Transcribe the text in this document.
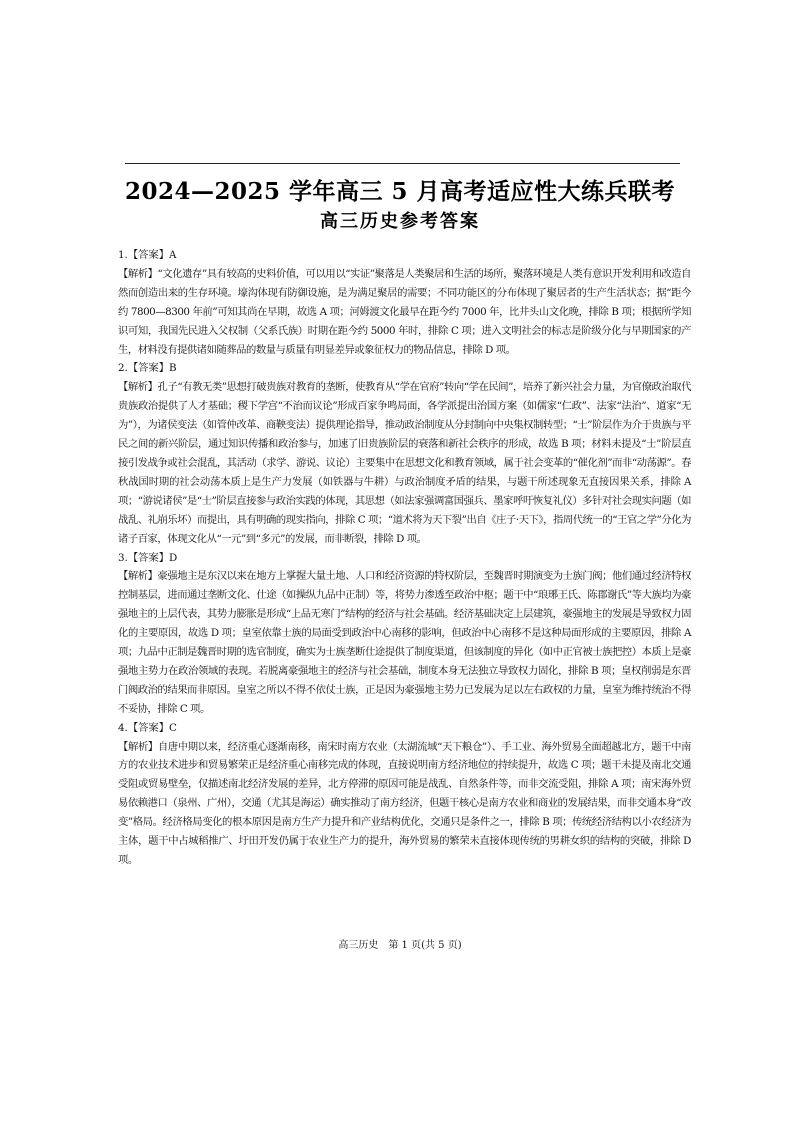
2024—2025 学年高三 5 月高考适应性大练兵联考
高三历史参考答案
1.【答案】A

【解析】“文化遗存”具有较高的史料价值，可以用以“实证”聚落是人类聚居和生活的场所，聚落环境是人类有意识开发利用和改造自然而创造出来的生存环境。壕沟体现有防御设施，是为满足聚居的需要；不同功能区的分布体现了聚居者的生产生活状态；据“距今约 7800—8300 年前”可知其尚在早期，故选 A 项；河姆渡文化最早在距今约 7000 年，比井头山文化晚，排除 B 项；根据所学知识可知，我国先民进入父权制（父系氏族）时期在距今约 5000 年时，排除 C 项；进入文明社会的标志是阶级分化与早期国家的产生，材料没有提供诸如随葬品的数量与质量有明显差异或象征权力的物品信息，排除 D 项。

2.【答案】B

【解析】孔子“有教无类”思想打破贵族对教育的垄断，使教育从“学在官府”转向“学在民间”，培养了新兴社会力量，为官僚政治取代贵族政治提供了人才基础；稷下学宫“不治而议论”形成百家争鸣局面，各学派提出治国方案（如儒家“仁政”、法家“法治”、道家“无为”），为诸侯变法（如管仲改革、商鞅变法）提供理论指导，推动政治制度从分封制向中央集权制转型；“士”阶层作为介于贵族与平民之间的新兴阶层，通过知识传播和政治参与，加速了旧贵族阶层的衰落和新社会秩序的形成，故选 B 项；材料未提及“士”阶层直接引发战争或社会混乱，其活动（求学、游说、议论）主要集中在思想文化和教育领域，属于社会变革的“催化剂”而非“动荡源”。春秋战国时期的社会动荡本质上是生产力发展（如铁器与牛耕）与政治制度矛盾的结果，与题干所述现象无直接因果关系，排除 A 项；“游说诸侯”是“士”阶层直接参与政治实践的体现，其思想（如法家强调富国强兵、墨家呼吁恢复礼仪）多针对社会现实问题（如战乱、礼崩乐坏）而提出，具有明确的现实指向，排除 C 项；“道术将为天下裂”出自《庄子·天下》，指周代统一的“王官之学”分化为诸子百家，体现文化从“一元”到“多元”的发展，而非断裂，排除 D 项。

3.【答案】D

【解析】豪强地主是东汉以来在地方上掌握大量土地、人口和经济资源的特权阶层，至魏晋时期演变为士族门阀；他们通过经济特权控制基层，进而通过垄断文化、仕途（如操纵九品中正制）等，将势力渗透至政治中枢；题干中“琅琊王氏、陈郡谢氏”等大族均为豪强地主的上层代表，其势力膨胀是形成“上品无寒门”结构的经济与社会基础。经济基础决定上层建筑，豪强地主的发展是导致权力固化的主要原因，故选 D 项；皇室依靠士族的局面受到政治中心南移的影响，但政治中心南移不是这种局面形成的主要原因，排除 A 项；九品中正制是魏晋时期的选官制度，确实为士族垄断仕途提供了制度渠道，但该制度的异化（如中正官被士族把控）本质上是豪强地主势力在政治领域的表现。若脱离豪强地主的经济与社会基础，制度本身无法独立导致权力固化，排除 B 项；皇权削弱是东晋门阀政治的结果而非原因。皇室之所以不得不依仗士族，正是因为豪强地主势力已发展为足以左右政权的力量，皇室为维持统治不得不妥协，排除 C 项。

4.【答案】C

【解析】自唐中期以来，经济重心逐渐南移，南宋时南方农业（太湖流域“天下粮仓”）、手工业、海外贸易全面超越北方，题干中南方的农业技术进步和贸易繁荣正是经济重心南移完成的体现，直接说明南方经济地位的持续提升，故选 C 项；题干未提及南北交通受阻或贸易壁垒，仅描述南北经济发展的差异，北方停滞的原因可能是战乱、自然条件等，而非交流受阻，排除 A 项；南宋海外贸易依赖港口（泉州、广州），交通（尤其是海运）确实推动了南方经济，但题干核心是南方农业和商业的发展结果，而非交通本身“改变”格局。经济格局变化的根本原因是南方生产力提升和产业结构优化，交通只是条件之一，排除 B 项；传统经济结构以小农经济为主体，题干中占城稻推广、圩田开发仍属于农业生产力的提升，海外贸易的繁荣未直接体现传统的男耕女织的结构的突破，排除 D 项。

高三历史　第 1 页(共 5 页)
